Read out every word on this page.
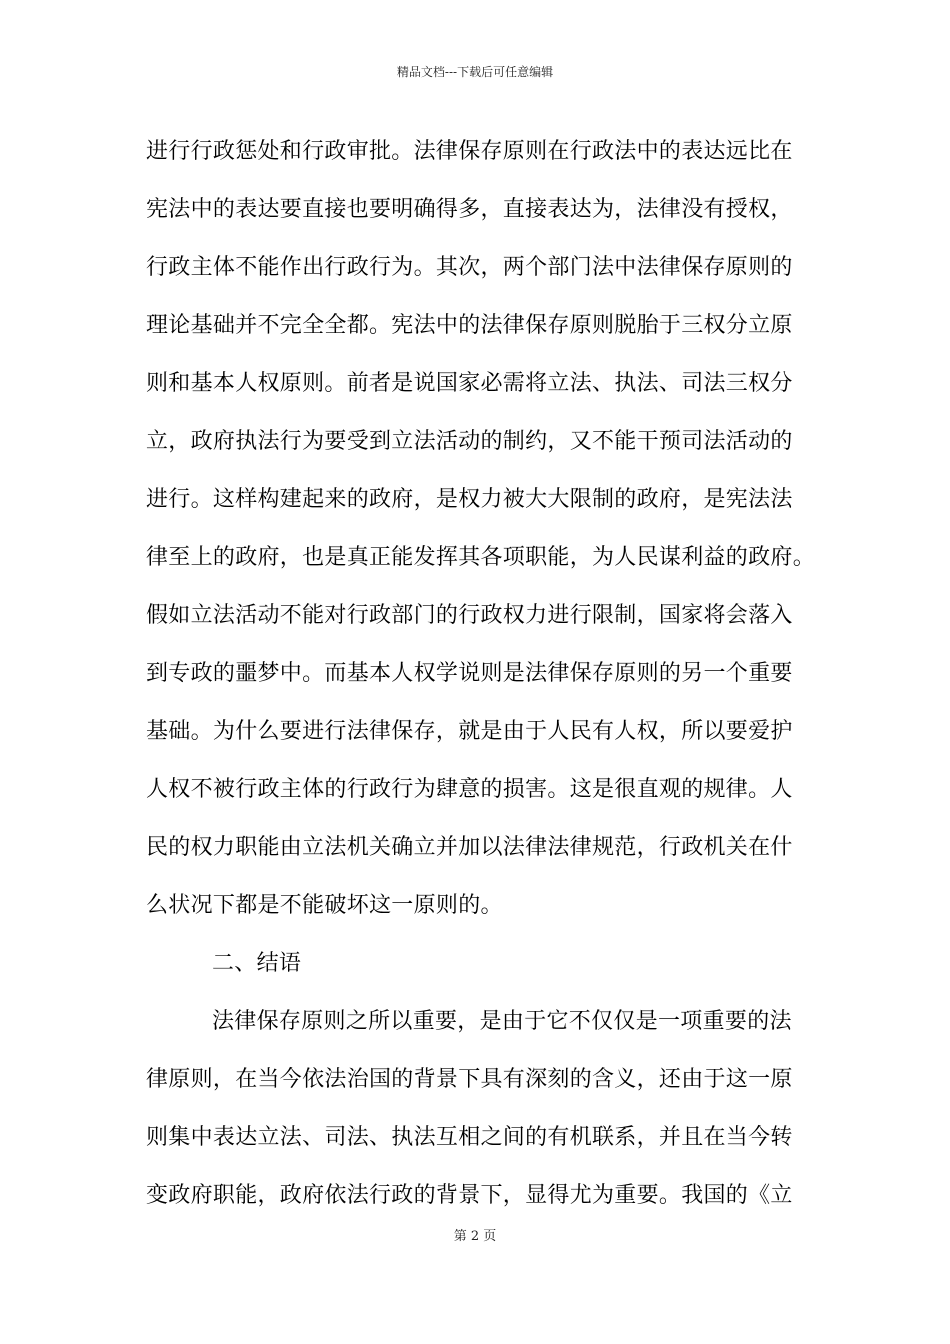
精品文档---下载后可任意编辑
进行行政惩处和行政审批。法律保存原则在行政法中的表达远比在
宪法中的表达要直接也要明确得多，直接表达为，法律没有授权，
行政主体不能作出行政行为。其次，两个部门法中法律保存原则的
理论基础并不完全全都。宪法中的法律保存原则脱胎于三权分立原
则和基本人权原则。前者是说国家必需将立法、执法、司法三权分
立，政府执法行为要受到立法活动的制约，又不能干预司法活动的
进行。这样构建起来的政府，是权力被大大限制的政府，是宪法法
律至上的政府，也是真正能发挥其各项职能，为人民谋利益的政府。
假如立法活动不能对行政部门的行政权力进行限制，国家将会落入
到专政的噩梦中。而基本人权学说则是法律保存原则的另一个重要
基础。为什么要进行法律保存，就是由于人民有人权，所以要爱护
人权不被行政主体的行政行为肆意的损害。这是很直观的规律。人
民的权力职能由立法机关确立并加以法律法律规范，行政机关在什
么状况下都是不能破坏这一原则的。
二、结语
法律保存原则之所以重要，是由于它不仅仅是一项重要的法
律原则，在当今依法治国的背景下具有深刻的含义，还由于这一原
则集中表达立法、司法、执法互相之间的有机联系，并且在当今转
变政府职能，政府依法行政的背景下，显得尤为重要。我国的《立
第 2 页
